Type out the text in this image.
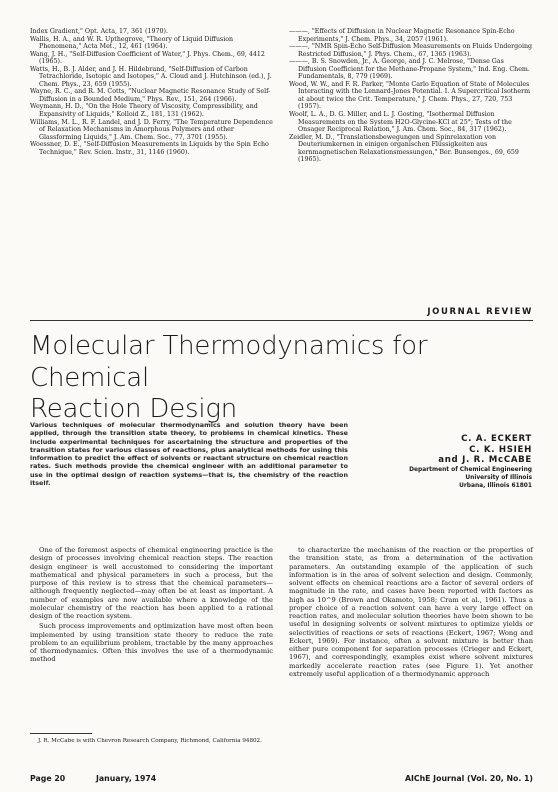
Index Gradient," Opt. Acta, 17, 361 (1970).

Wallis, H. A., and W. R. Upthegrove, "Theory of Liquid Diffusion Phenomena," Acta Met., 12, 461 (1964).

Wang, J. H., "Self-Diffusion Coefficient of Water," J. Phys. Chem., 69, 4412 (1965).

Watts, H., B. J. Alder, and J. H. Hildebrand, "Self-Diffusion of Carbon Tetrachloride, Isotopic and Isotopes," A. Cloud and J. Hutchinson (ed.), J. Chem. Phys., 23, 659 (1955).

Wayne, R. C., and R. M. Cotts, "Nuclear Magnetic Resonance Study of Self-Diffusion in a Bounded Medium," Phys. Rev., 151, 264 (1966).

Weymann, H. D., "On the Hole Theory of Viscosity, Compressibility, and Expansivity of Liquids," Kolloid Z., 181, 131 (1962).

Williams, M. L., R. F. Landel, and J. D. Ferry, "The Temperature Dependence of Relaxation Mechanisms in Amorphous Polymers and other Glassforming Liquids," J. Am. Chem. Soc., 77, 3701 (1955).

Woessner, D. E., "Self-Diffusion Measurements in Liquids by the Spin Echo Technique," Rev. Scien. Instr., 31, 1146 (1960).

———, "Effects of Diffusion in Nuclear Magnetic Resonance Spin-Echo Experiments," J. Chem. Phys., 34, 2057 (1961).

———, "NMR Spin-Echo Self-Diffusion Measurements on Fluids Undergoing Restricted Diffusion," J. Phys. Chem., 67, 1365 (1963).

———, B. S. Snowden, Jr., A. George, and J. C. Melrose, "Dense Gas Diffusion Coefficient for the Methane-Propane System," Ind. Eng. Chem. Fundamentals, 8, 779 (1969).

Wood, W. W., and F. R. Parker, "Monte Carlo Equation of State of Molecules Interacting with the Lennard-Jones Potential. I. A Supercritical Isotherm at about twice the Crit. Temperature," J. Chem. Phys., 27, 720, 753 (1957).

Woolf, L. A., D. G. Miller, and L. J. Gosting, "Isothermal Diffusion Measurements on the System H2O-Glycine-KCl at 25°; Tests of the Onsager Reciprocal Relation," J. Am. Chem. Soc., 84, 317 (1962).

Zeidler, M. D., "Translationsbewegungen und Spinrelaxation von Deuteriumkernen in einigen organischen Flüssigkeiten aus kernmagnetischen Relaxationsmessungen," Ber. Bunsenges., 69, 659 (1965).

JOURNAL REVIEW
Molecular Thermodynamics for Chemical
Reaction Design

Various techniques of molecular thermodynamics and solution theory have been applied, through the transition state theory, to problems in chemical kinetics. These include experimental techniques for ascertaining the structure and properties of the transition states for various classes of reactions, plus analytical methods for using this information to predict the effect of solvents or reactant structure on chemical reaction rates. Such methods provide the chemical engineer with an additional parameter to use in the optimal design of reaction systems—that is, the chemistry of the reaction itself.

C. A. ECKERT
C. K. HSIEH
and J. R. McCABE
Department of Chemical Engineering
University of Illinois
Urbana, Illinois 61801

One of the foremost aspects of chemical engineering practice is the design of processes involving chemical reaction steps. The reaction design engineer is well accustomed to considering the important mathematical and physical parameters in such a process, but the purpose of this review is to stress that the chemical parameters—although frequently neglected—may often be at least as important. A number of examples are now available where a knowledge of the molecular chemistry of the reaction has been applied to a rational design of the reaction system.

Such process improvements and optimization have most often been implemented by using transition state theory to reduce the rate problem to an equilibrium problem, tractable by the many approaches of thermodynamics. Often this involves the use of a thermodynamic method

to characterize the mechanism of the reaction or the properties of the transition state, as from a determination of the activation parameters. An outstanding example of the application of such information is in the area of solvent selection and design. Commonly, solvent effects on chemical reactions are a factor of several orders of magnitude in the rate, and cases have been reported with factors as high as 10^9 (Brown and Okamoto, 1958; Cram et al., 1961). Thus a proper choice of a reaction solvent can have a very large effect on reaction rates, and molecular solution theories have been shown to be useful in designing solvents or solvent mixtures to optimize yields or selectivities of reactions or sets of reactions (Eckert, 1967; Wong and Eckert, 1969). For instance, often a solvent mixture is better than either pure component for separation processes (Crieger and Eckert, 1967), and correspondingly, examples exist where solvent mixtures markedly accelerate reaction rates (see Figure 1). Yet another extremely useful application of a thermodynamic approach

J. R. McCabe is with Chevron Research Company, Richmond, California 94802.

Page 20	January, 1974	AIChE Journal (Vol. 20, No. 1)
